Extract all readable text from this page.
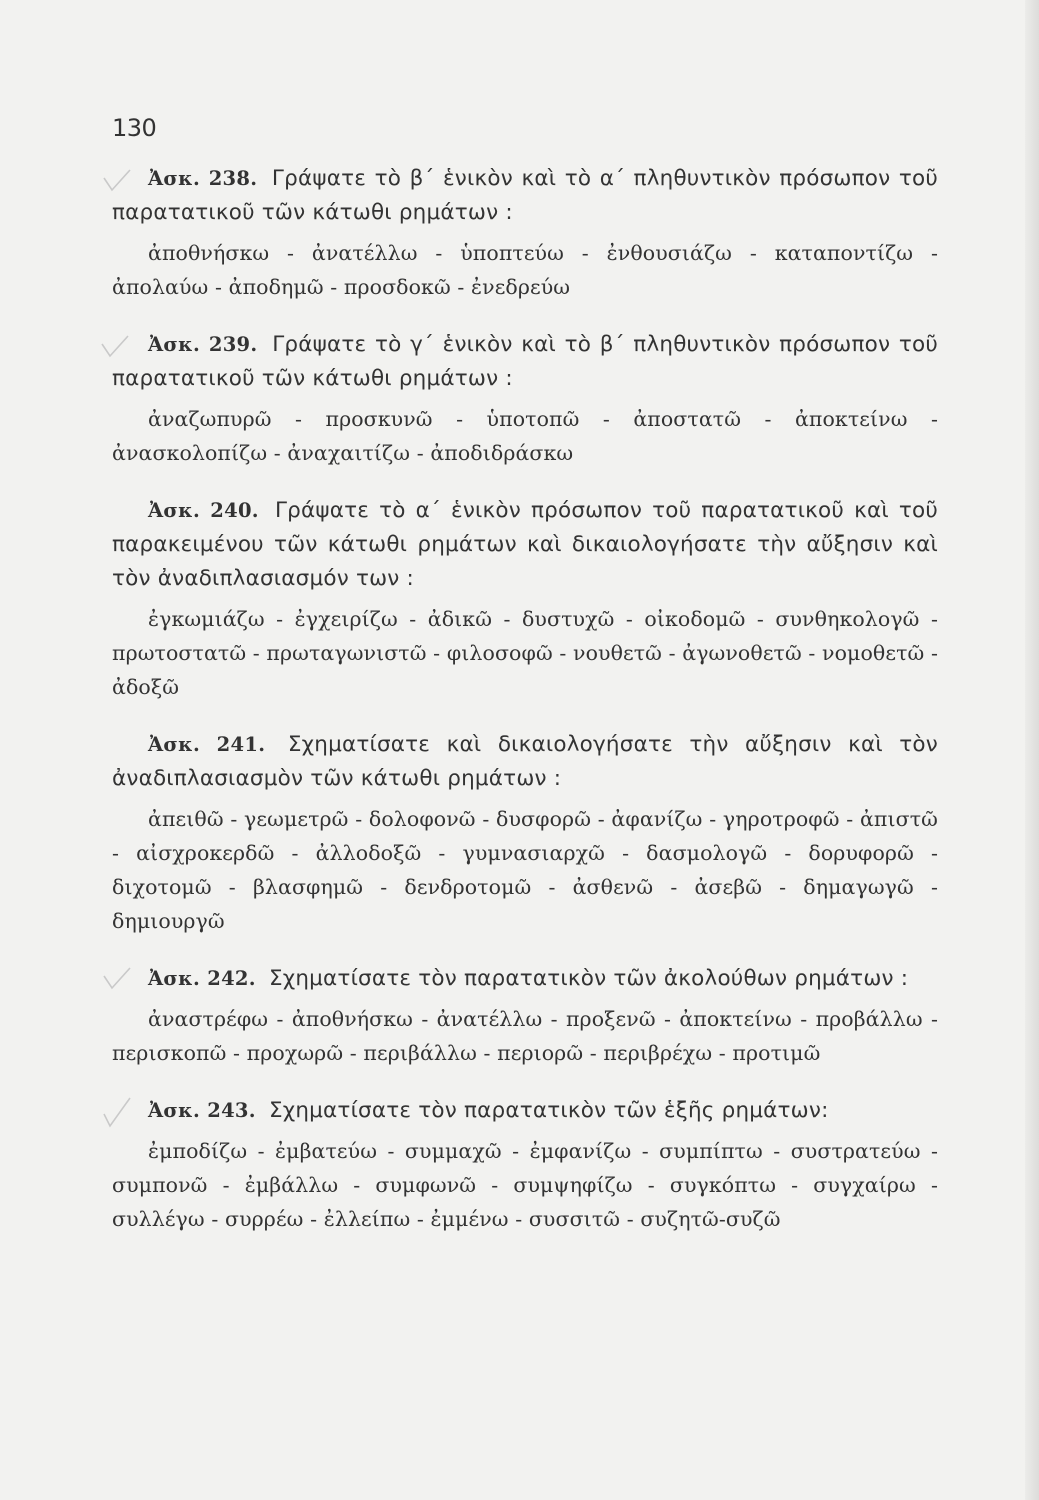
130

Ἀσκ. 238. Γράψατε τὸ β΄ ἑνικὸν καὶ τὸ α΄ πληθυντικὸν πρόσωπον τοῦ παρατατικοῦ τῶν κάτωθι ρημάτων :

ἀποθνήσκω - ἀνατέλλω - ὑποπτεύω - ἐνθουσιάζω - καταποντίζω - ἀπολαύω - ἀποδημῶ - προσδοκῶ - ἐνεδρεύω

Ἀσκ. 239. Γράψατε τὸ γ΄ ἑνικὸν καὶ τὸ β΄ πληθυντικὸν πρόσωπον τοῦ παρατατικοῦ τῶν κάτωθι ρημάτων :

ἀναζωπυρῶ - προσκυνῶ - ὑποτοπῶ - ἀποστατῶ - ἀποκτείνω - ἀνασκολοπίζω - ἀναχαιτίζω - ἀποδιδράσκω

Ἀσκ. 240. Γράψατε τὸ α΄ ἑνικὸν πρόσωπον τοῦ παρατατικοῦ καὶ τοῦ παρακειμένου τῶν κάτωθι ρημάτων καὶ δικαιολογήσατε τὴν αὔξησιν καὶ τὸν ἀναδιπλασιασμόν των :

ἐγκωμιάζω - ἐγχειρίζω - ἀδικῶ - δυστυχῶ - οἰκοδομῶ - συνθηκολογῶ - πρωτοστατῶ - πρωταγωνιστῶ - φιλοσοφῶ - νουθετῶ - ἀγωνοθετῶ - νομοθετῶ - ἀδοξῶ

Ἀσκ. 241. Σχηματίσατε καὶ δικαιολογήσατε τὴν αὔξησιν καὶ τὸν ἀναδιπλασιασμὸν τῶν κάτωθι ρημάτων :

ἀπειθῶ - γεωμετρῶ - δολοφονῶ - δυσφορῶ - ἀφανίζω - γηροτροφῶ - ἀπιστῶ - αἰσχροκερδῶ - ἀλλοδοξῶ - γυμνασιαρχῶ - δασμολογῶ - δορυφορῶ - διχοτομῶ - βλασφημῶ - δενδροτομῶ - ἀσθενῶ - ἀσεβῶ - δημαγωγῶ - δημιουργῶ

Ἀσκ. 242. Σχηματίσατε τὸν παρατατικὸν τῶν ἀκολούθων ρημάτων :

ἀναστρέφω - ἀποθνήσκω - ἀνατέλλω - προξενῶ - ἀποκτείνω - προβάλλω - περισκοπῶ - προχωρῶ - περιβάλλω - περιορῶ - περιβρέχω - προτιμῶ

Ἀσκ. 243. Σχηματίσατε τὸν παρατατικὸν τῶν ἑξῆς ρημάτων:

ἐμποδίζω - ἐμβατεύω - συμμαχῶ - ἐμφανίζω - συμπίπτω - συστρατεύω - συμπονῶ - ἐμβάλλω - συμφωνῶ - συμψηφίζω - συγκόπτω - συγχαίρω - συλλέγω - συρρέω - ἐλλείπω - ἐμμένω - συσσιτῶ - συζητῶ-συζῶ
